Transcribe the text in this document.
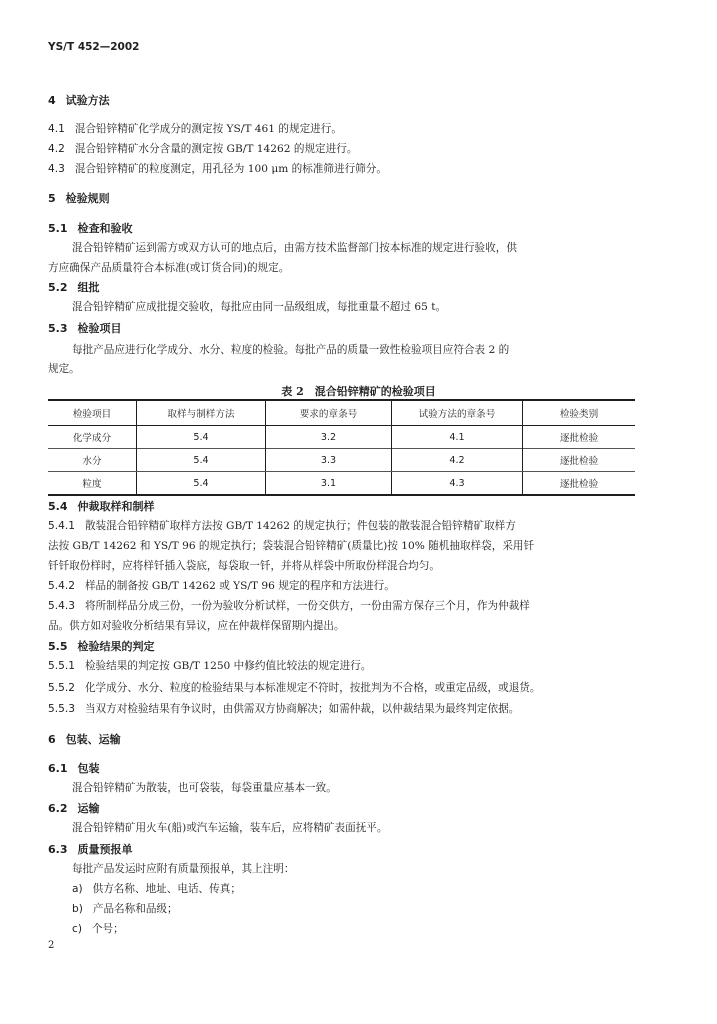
YS/T 452—2002
4 试验方法
4.1 混合铅锌精矿化学成分的测定按 YS/T 461 的规定进行。
4.2 混合铅锌精矿水分含量的测定按 GB/T 14262 的规定进行。
4.3 混合铅锌精矿的粒度测定，用孔径为 100 μm 的标准筛进行筛分。
5 检验规则
5.1 检查和验收
混合铅锌精矿运到需方或双方认可的地点后，由需方技术监督部门按本标准的规定进行验收，供
方应确保产品质量符合本标准(或订货合同)的规定。
5.2 组批
混合铅锌精矿应成批提交验收，每批应由同一品级组成，每批重量不超过 65 t。
5.3 检验项目
每批产品应进行化学成分、水分、粒度的检验。每批产品的质量一致性检验项目应符合表 2 的
规定。
表 2　混合铅锌精矿的检验项目
检验项目	取样与制样方法	要求的章条号	试验方法的章条号	检验类别
化学成分	5.4	3.2	4.1	逐批检验
水分	5.4	3.3	4.2	逐批检验
粒度	5.4	3.1	4.3	逐批检验
5.4 仲裁取样和制样
5.4.1 散装混合铅锌精矿取样方法按 GB/T 14262 的规定执行；件包装的散装混合铅锌精矿取样方
法按 GB/T 14262 和 YS/T 96 的规定执行；袋装混合铅锌精矿(质量比)按 10% 随机抽取样袋，采用钎
钎钎取份样时，应将样钎插入袋底，每袋取一钎，并将从样袋中所取份样混合均匀。
5.4.2 样品的制备按 GB/T 14262 或 YS/T 96 规定的程序和方法进行。
5.4.3 将所制样品分成三份，一份为验收分析试样，一份交供方，一份由需方保存三个月，作为仲裁样
品。供方如对验收分析结果有异议，应在仲裁样保留期内提出。
5.5 检验结果的判定
5.5.1 检验结果的判定按 GB/T 1250 中修约值比较法的规定进行。
5.5.2 化学成分、水分、粒度的检验结果与本标准规定不符时，按批判为不合格，或重定品级，或退货。
5.5.3 当双方对检验结果有争议时，由供需双方协商解决；如需仲裁，以仲裁结果为最终判定依据。
6 包装、运输
6.1 包装
混合铅锌精矿为散装，也可袋装，每袋重量应基本一致。
6.2 运输
混合铅锌精矿用火车(船)或汽车运输，装车后，应将精矿表面抚平。
6.3 质量预报单
每批产品发运时应附有质量预报单，其上注明：
a) 供方名称、地址、电话、传真；
b) 产品名称和品级；
c) 个号；
2
